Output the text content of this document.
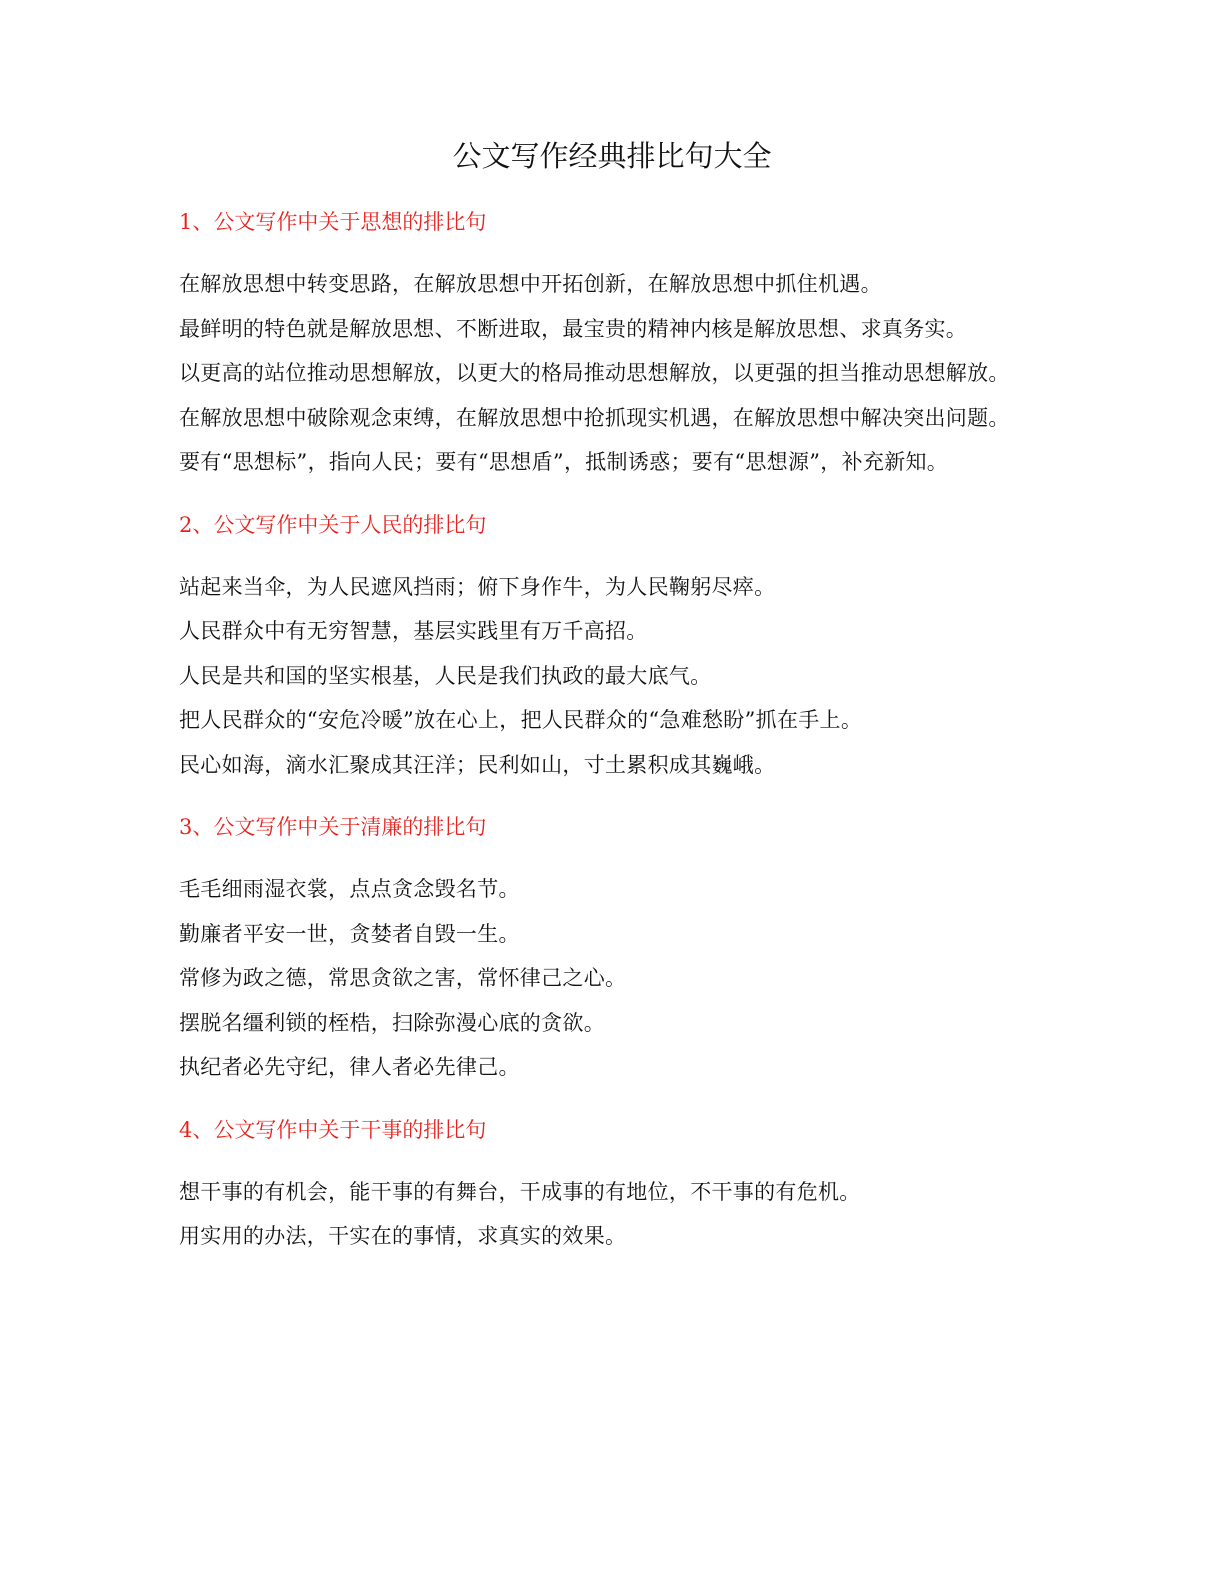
公文写作经典排比句大全
1、公文写作中关于思想的排比句

在解放思想中转变思路，在解放思想中开拓创新，在解放思想中抓住机遇。

最鲜明的特色就是解放思想、不断进取，最宝贵的精神内核是解放思想、求真务实。

以更高的站位推动思想解放，以更大的格局推动思想解放，以更强的担当推动思想解放。

在解放思想中破除观念束缚，在解放思想中抢抓现实机遇，在解放思想中解决突出问题。

要有“思想标”，指向人民；要有“思想盾”，抵制诱惑；要有“思想源”，补充新知。

2、公文写作中关于人民的排比句

站起来当伞，为人民遮风挡雨；俯下身作牛，为人民鞠躬尽瘁。

人民群众中有无穷智慧，基层实践里有万千高招。

人民是共和国的坚实根基，人民是我们执政的最大底气。

把人民群众的“安危冷暖”放在心上，把人民群众的“急难愁盼”抓在手上。

民心如海，滴水汇聚成其汪洋；民利如山，寸土累积成其巍峨。

3、公文写作中关于清廉的排比句

毛毛细雨湿衣裳，点点贪念毁名节。

勤廉者平安一世，贪婪者自毁一生。

常修为政之德，常思贪欲之害，常怀律己之心。

摆脱名缰利锁的桎梏，扫除弥漫心底的贪欲。

执纪者必先守纪，律人者必先律己。

4、公文写作中关于干事的排比句

想干事的有机会，能干事的有舞台，干成事的有地位，不干事的有危机。

用实用的办法，干实在的事情，求真实的效果。
